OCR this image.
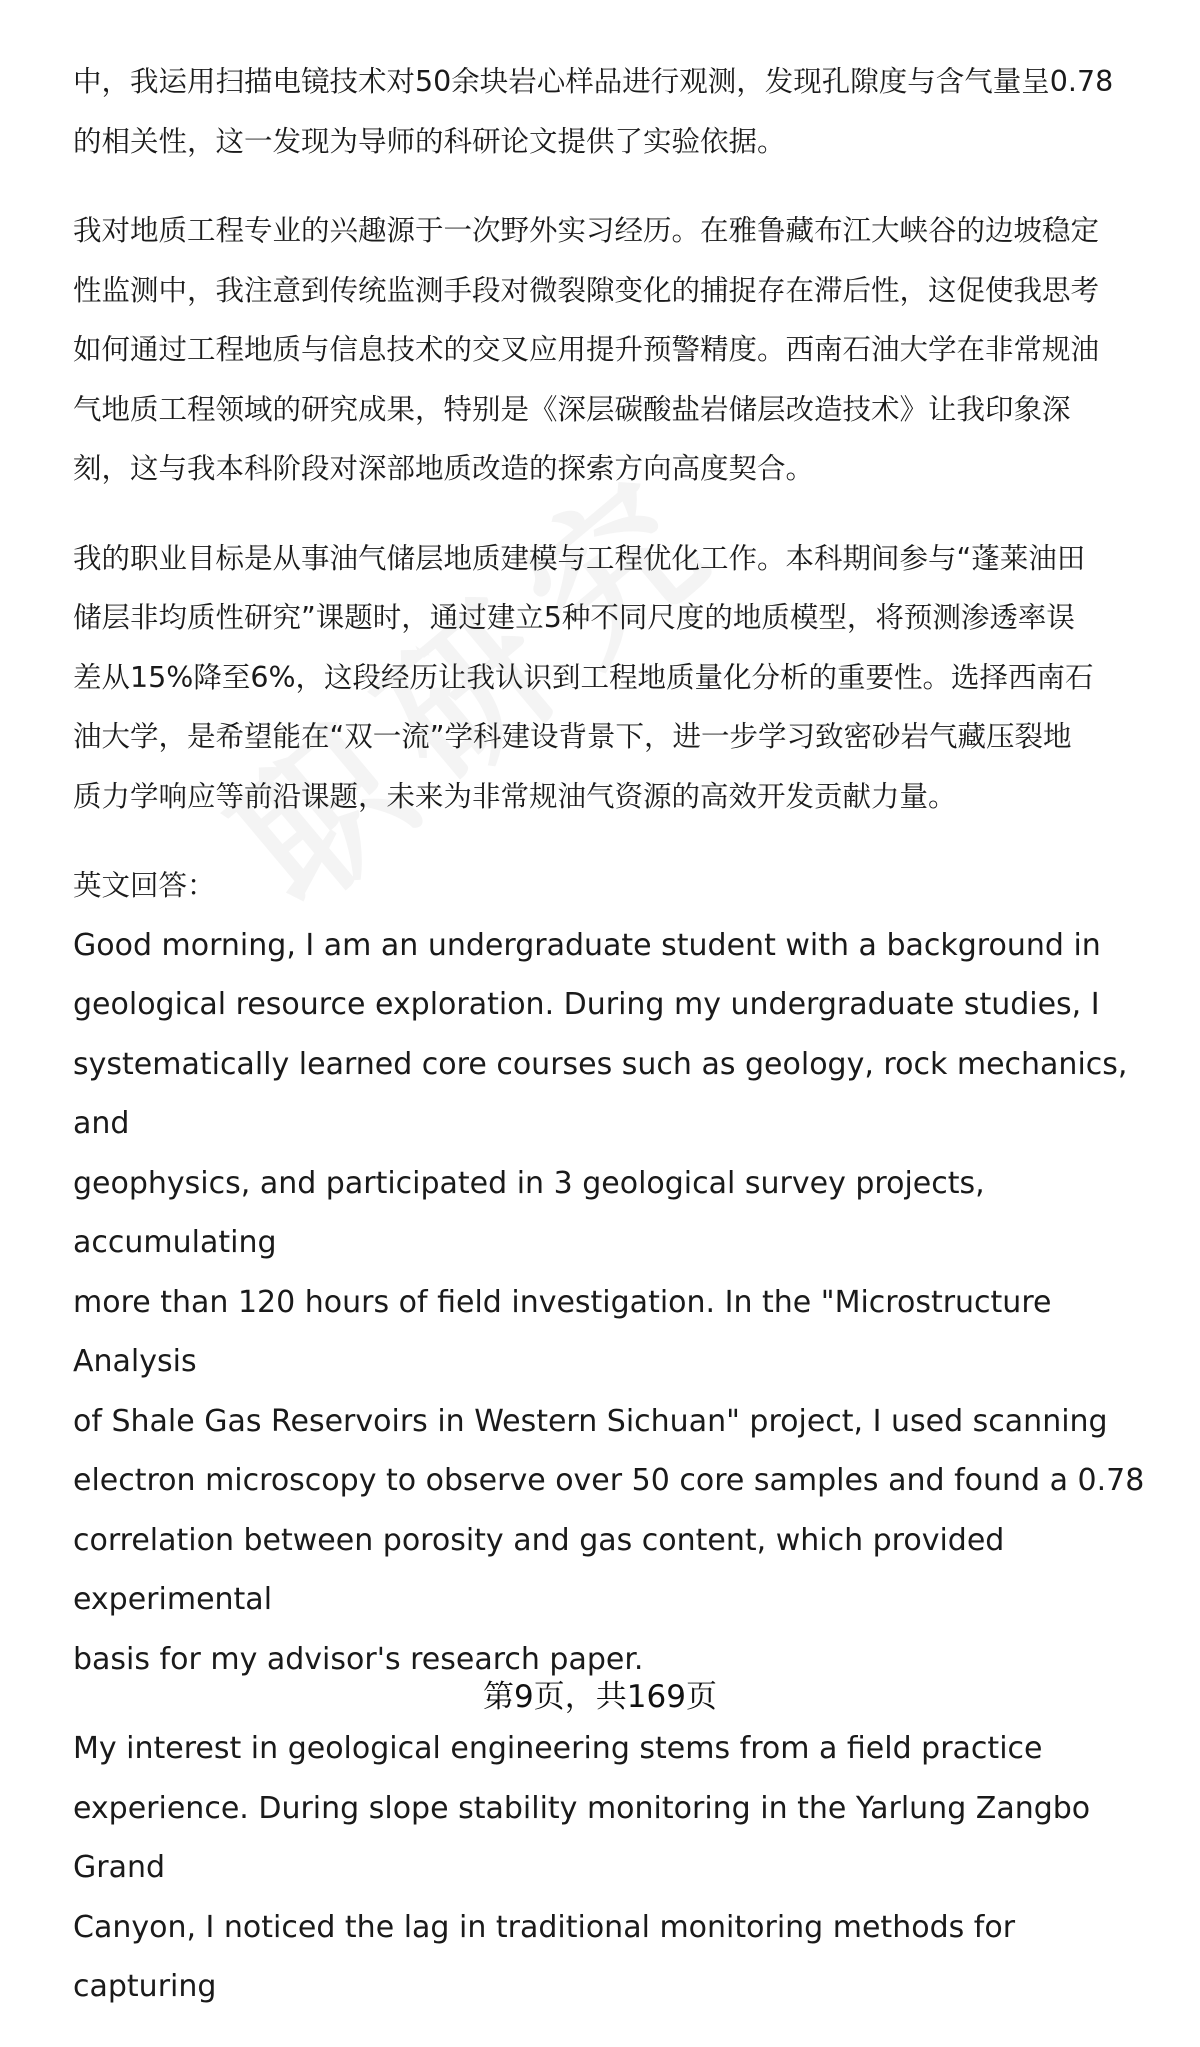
中，我运用扫描电镜技术对50余块岩心样品进行观测，发现孔隙度与含气量呈0.78
的相关性，这一发现为导师的科研论文提供了实验依据。

我对地质工程专业的兴趣源于一次野外实习经历。在雅鲁藏布江大峡谷的边坡稳定
性监测中，我注意到传统监测手段对微裂隙变化的捕捉存在滞后性，这促使我思考
如何通过工程地质与信息技术的交叉应用提升预警精度。西南石油大学在非常规油
气地质工程领域的研究成果，特别是《深层碳酸盐岩储层改造技术》让我印象深
刻，这与我本科阶段对深部地质改造的探索方向高度契合。

我的职业目标是从事油气储层地质建模与工程优化工作。本科期间参与“蓬莱油田
储层非均质性研究”课题时，通过建立5种不同尺度的地质模型，将预测渗透率误
差从15%降至6%，这段经历让我认识到工程地质量化分析的重要性。选择西南石
油大学，是希望能在“双一流”学科建设背景下，进一步学习致密砂岩气藏压裂地
质力学响应等前沿课题，未来为非常规油气资源的高效开发贡献力量。

英文回答：

Good morning, I am an undergraduate student with a background in
geological resource exploration. During my undergraduate studies, I
systematically learned core courses such as geology, rock mechanics, and
geophysics, and participated in 3 geological survey projects, accumulating
more than 120 hours of field investigation. In the "Microstructure Analysis
of Shale Gas Reservoirs in Western Sichuan" project, I used scanning
electron microscopy to observe over 50 core samples and found a 0.78
correlation between porosity and gas content, which provided experimental
basis for my advisor's research paper.

My interest in geological engineering stems from a field practice
experience. During slope stability monitoring in the Yarlung Zangbo Grand
Canyon, I noticed the lag in traditional monitoring methods for capturing

第9页，共169页
